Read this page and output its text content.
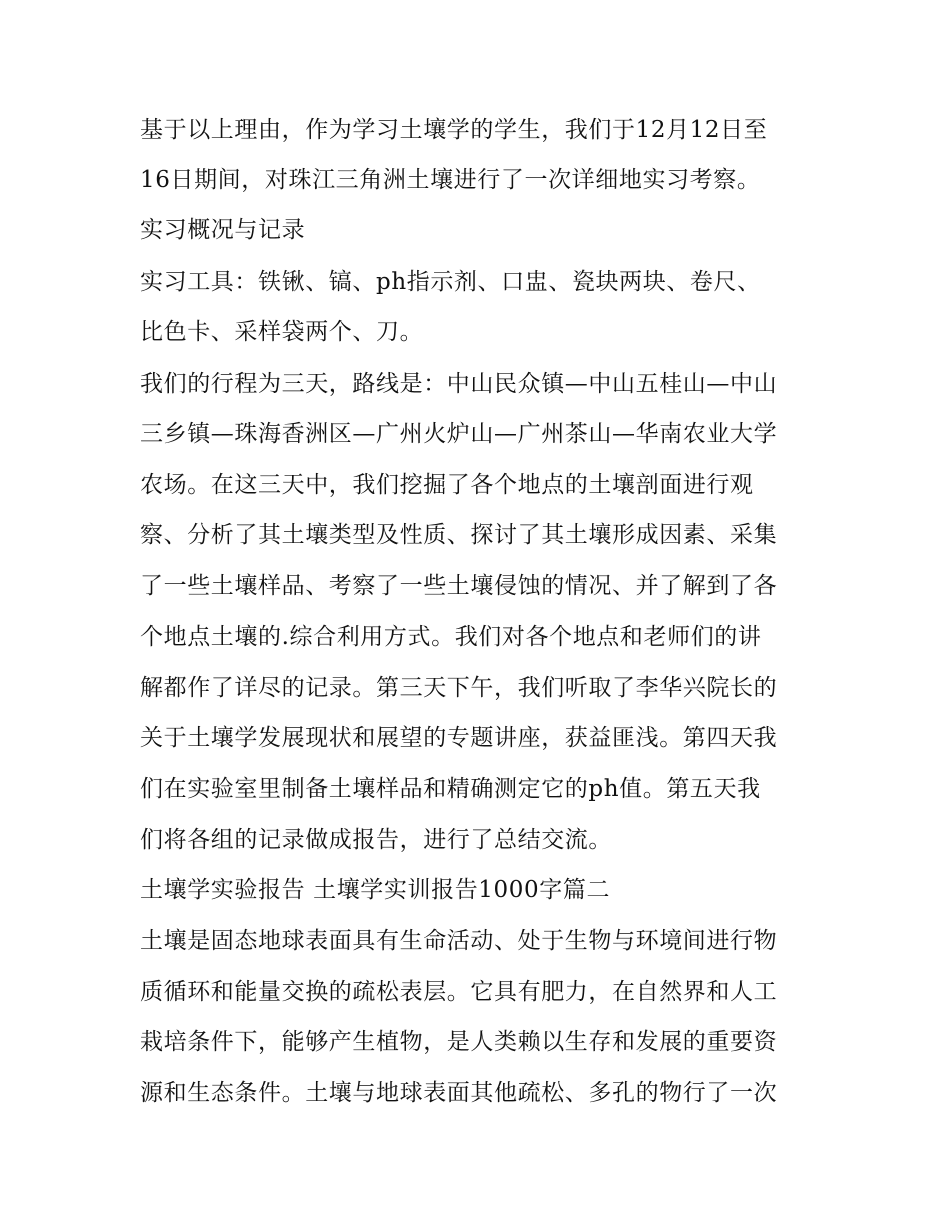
基于以上理由，作为学习土壤学的学生，我们于12月12日至
16日期间，对珠江三角洲土壤进行了一次详细地实习考察。
实习概况与记录
实习工具：铁锹、镐、ph指示剂、口盅、瓷块两块、卷尺、
比色卡、采样袋两个、刀。
我们的行程为三天，路线是：中山民众镇—中山五桂山—中山
三乡镇—珠海香洲区—广州火炉山—广州茶山—华南农业大学
农场。在这三天中，我们挖掘了各个地点的土壤剖面进行观
察、分析了其土壤类型及性质、探讨了其土壤形成因素、采集
了一些土壤样品、考察了一些土壤侵蚀的情况、并了解到了各
个地点土壤的.综合利用方式。我们对各个地点和老师们的讲
解都作了详尽的记录。第三天下午，我们听取了李华兴院长的
关于土壤学发展现状和展望的专题讲座，获益匪浅。第四天我
们在实验室里制备土壤样品和精确测定它的ph值。第五天我
们将各组的记录做成报告，进行了总结交流。
土壤学实验报告 土壤学实训报告1000字篇二
土壤是固态地球表面具有生命活动、处于生物与环境间进行物
质循环和能量交换的疏松表层。它具有肥力，在自然界和人工
栽培条件下，能够产生植物，是人类赖以生存和发展的重要资
源和生态条件。土壤与地球表面其他疏松、多孔的物行了一次
